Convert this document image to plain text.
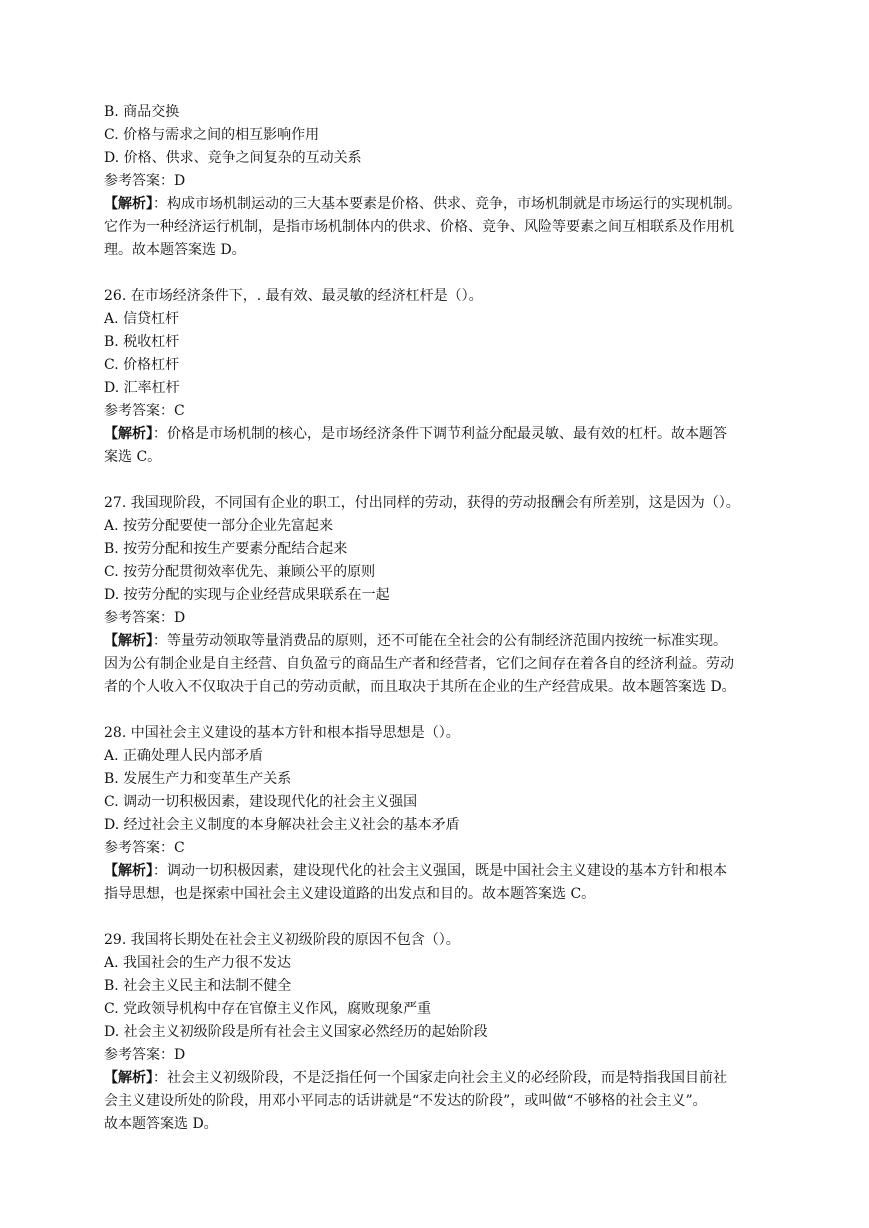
B. 商品交换
C. 价格与需求之间的相互影响作用
D. 价格、供求、竞争之间复杂的互动关系
参考答案：D
【解析】：构成市场机制运动的三大基本要素是价格、供求、竞争，市场机制就是市场运行的实现机制。
它作为一种经济运行机制，是指市场机制体内的供求、价格、竞争、风险等要素之间互相联系及作用机
理。故本题答案选 D。
26. 在市场经济条件下，. 最有效、最灵敏的经济杠杆是（）。
A. 信贷杠杆
B. 税收杠杆
C. 价格杠杆
D. 汇率杠杆
参考答案：C
【解析】：价格是市场机制的核心，是市场经济条件下调节利益分配最灵敏、最有效的杠杆。故本题答
案选 C。
27. 我国现阶段，不同国有企业的职工，付出同样的劳动，获得的劳动报酬会有所差别，这是因为（）。
A. 按劳分配要使一部分企业先富起来
B. 按劳分配和按生产要素分配结合起来
C. 按劳分配贯彻效率优先、兼顾公平的原则
D. 按劳分配的实现与企业经营成果联系在一起
参考答案：D
【解析】：等量劳动领取等量消费品的原则，还不可能在全社会的公有制经济范围内按统一标准实现。
因为公有制企业是自主经营、自负盈亏的商品生产者和经营者，它们之间存在着各自的经济利益。劳动
者的个人收入不仅取决于自己的劳动贡献，而且取决于其所在企业的生产经营成果。故本题答案选 D。
28. 中国社会主义建设的基本方针和根本指导思想是（）。
A. 正确处理人民内部矛盾
B. 发展生产力和变革生产关系
C. 调动一切积极因素，建设现代化的社会主义强国
D. 经过社会主义制度的本身解决社会主义社会的基本矛盾
参考答案：C
【解析】：调动一切积极因素，建设现代化的社会主义强国，既是中国社会主义建设的基本方针和根本
指导思想，也是探索中国社会主义建设道路的出发点和目的。故本题答案选 C。
29. 我国将长期处在社会主义初级阶段的原因不包含（）。
A. 我国社会的生产力很不发达
B. 社会主义民主和法制不健全
C. 党政领导机构中存在官僚主义作风，腐败现象严重
D. 社会主义初级阶段是所有社会主义国家必然经历的起始阶段
参考答案：D
【解析】：社会主义初级阶段，不是泛指任何一个国家走向社会主义的必经阶段，而是特指我国目前社
会主义建设所处的阶段，用邓小平同志的话讲就是“不发达的阶段”，或叫做“不够格的社会主义”。
故本题答案选 D。
